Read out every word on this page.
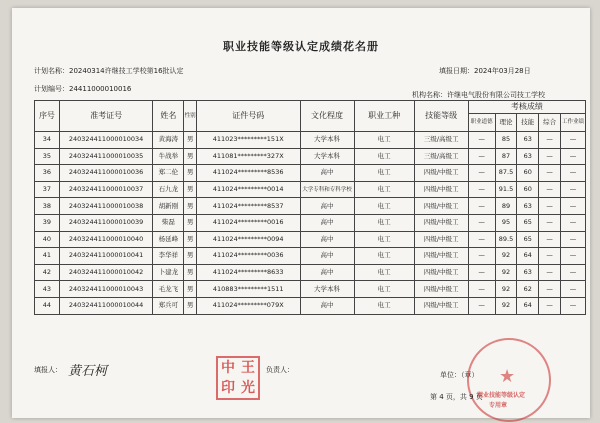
职业技能等级认定成绩花名册
计划名称：20240314许继技工学校第16批认定	填报日期：2024年03月28日
计划编号：24411000010016
机构名称：许继电气股份有限公司技工学校
序号	准考证号	姓名	性别	证件号码	文化程度	职业工种	技能等级	考核成绩				
								职业道德	理论	技能	综合	工作业绩
34	240324411000010034	黄海涛	男	411023*********151X	大学本科	电工	三级/高级工	—	85	63	—	—
35	240324411000010035	牛战举	男	411081*********327X	大学本科	电工	三级/高级工	—	87	63	—	—
36	240324411000010036	郑二伦	男	411024*********8536	高中	电工	四级/中级工	—	87.5	60	—	—
37	240324411000010037	石九龙	男	411024*********0014	大学专科和专科学校	电工	四级/中级工	—	91.5	60	—	—
38	240324411000010038	胡新刚	男	411024*********8537	高中	电工	四级/中级工	—	89	63	—	—
39	240324411000010039	柴磊	男	411024*********0016	高中	电工	四级/中级工	—	95	65	—	—
40	240324411000010040	杨延峰	男	411024*********0094	高中	电工	四级/中级工	—	89.5	65	—	—
41	240324411000010041	李华祥	男	411024*********0036	高中	电工	四级/中级工	—	92	64	—	—
42	240324411000010042	卜建龙	男	411024*********8633	高中	电工	四级/中级工	—	92	63	—	—
43	240324411000010043	毛龙飞	男	410883*********1511	大学本科	电工	四级/中级工	—	92	62	—	—
44	240324411000010044	郑兵可	男	411024*********079X	高中	电工	四级/中级工	—	92	64	—	—
填报人： 黄石柯	负责人：
中 王
印 光
单位：（章） ★
职业技能等级认定
专用章
第 4 页，共 9 页
